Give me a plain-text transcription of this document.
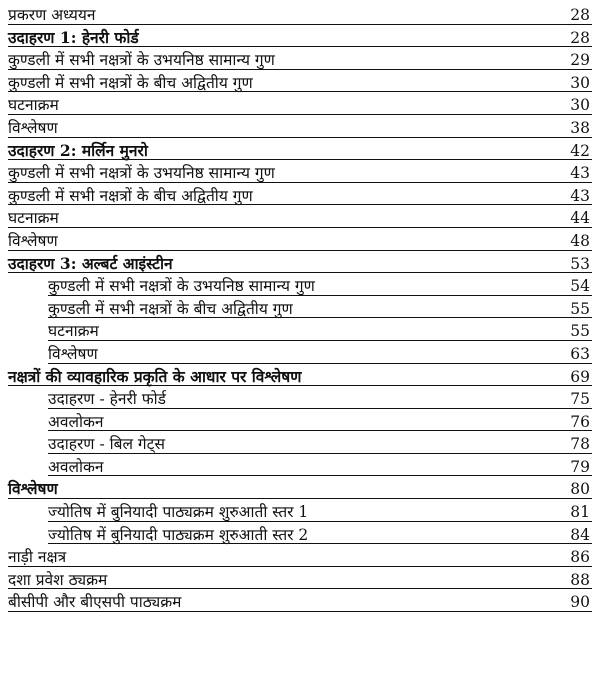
प्रकरण अध्ययन	28
उदाहरण 1: हेनरी फोर्ड	28
कुण्डली में सभी नक्षत्रों के उभयनिष्ठ सामान्य गुण	29
कुण्डली में सभी नक्षत्रों के बीच अद्वितीय गुण	30
घटनाक्रम	30
विश्लेषण	38
उदाहरण 2: मर्लिन मुनरो	42
कुण्डली में सभी नक्षत्रों के उभयनिष्ठ सामान्य गुण	43
कुण्डली में सभी नक्षत्रों के बीच अद्वितीय गुण	43
घटनाक्रम	44
विश्लेषण	48
उदाहरण 3: अल्बर्ट आइंस्टीन	53
कुण्डली में सभी नक्षत्रों के उभयनिष्ठ सामान्य गुण	54
कुण्डली में सभी नक्षत्रों के बीच अद्वितीय गुण	55
घटनाक्रम	55
विश्लेषण	63
नक्षत्रों की व्यावहारिक प्रकृति के आधार पर विश्लेषण	69
उदाहरण - हेनरी फोर्ड	75
अवलोकन	76
उदाहरण - बिल गेट्स	78
अवलोकन	79
विश्लेषण	80
ज्योतिष में बुनियादी पाठ्यक्रम शुरुआती स्तर 1	81
ज्योतिष में बुनियादी पाठ्यक्रम शुरुआती स्तर 2	84
नाड़ी नक्षत्र	86
दशा प्रवेश ठ्यक्रम	88
बीसीपी और बीएसपी पाठ्यक्रम	90
